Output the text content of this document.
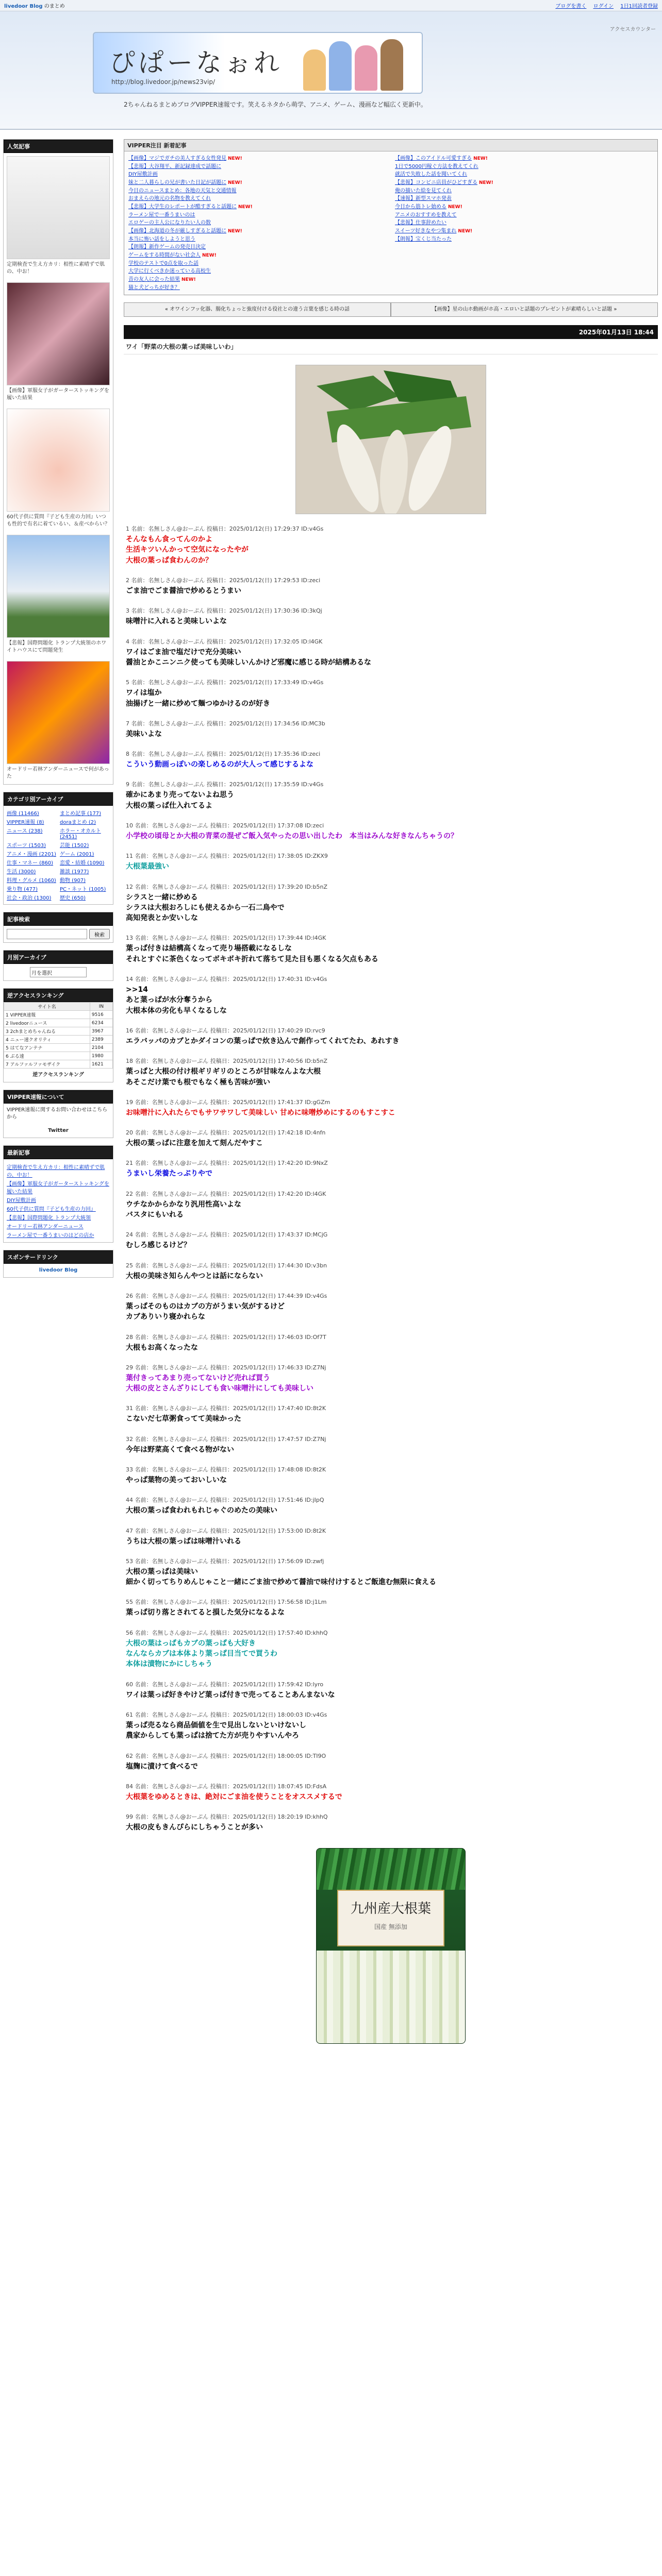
livedoor Blog のまとめ	ブログを書く ログイン 1日1回読者登録
アクセスカウンター
ぴぱーなぉれ
http://blog.livedoor.jp/news23vip/
2ちゃんねるまとめブログVIPPER速報です。笑えるネタから萌学、アニメ、ゲーム、漫画など幅広く更新中。
人気記事
定期検査で生え方カリ：相性に素晴ずで肌の、中お！
【画像】軍服女子がガーターストッキングを履いた結果
60代子供に質問『子ども生産の力回』いつも性的で有名に着ているい、＆産べからい？
【悲報】国際問題化 トランプ大統領のホワイトハウスにて問題発生
オードリー若林アンダーニュースで何があった
カテゴリ別アーカイブ
画像 (11466)	まとめ記事 (177)
VIPPER速報 (8)	doraまとめ (2)
ニュース (238)	ホラー・オカルト (2451)
スポーツ (1503)	芸能 (1502)
アニメ・漫画 (2201) ゲーム (2001)
仕事・マネー (860)	恋愛・結婚 (1090)
生活 (3000)	雑談 (1977)
料理・グルメ (1060) 動物 (907)
乗り物 (477)	PC・ネット (1005)
社会・政治 (1300)	歴史 (650)
記事検索
検索
月別アーカイブ
月を選択
逆アクセスランキング
サイト名	IN
1 VIPPER速報	9516
2 livedoorニュース	6234
3 2chまとめちゃんねる	3967
4 ニュー速クオリティ	2389
5 はてなアンテナ	2104
6 ぶる速	1980
7 アルファルファモザイク	1621
逆アクセスランキング
VIPPER速報について
VIPPER速報に関するお問い合わせはこちらから
Twitter
最新記事
定期検査で生え方カリ：相性に素晴ずで肌の、中お！
【画像】軍服女子がガーターストッキングを履いた結果
DIY屋敷計画
60代子供に質問『子ども生産の力回』
【悲報】国際問題化 トランプ大統領
オードリー若林アンダーニュース
ラーメン屋で一番うまいのはどの店か
スポンサードリンク
livedoor Blog
VIPPER注目 新着記事
【画像】マジでガチの美人すぎる女性発見 NEW!
【悲報】大谷翔平、新記録達成で話題に
DIY屋敷計画
妹と二人暮らしの兄が書いた日記が話題に NEW!
今日のニュースまとめ：各地の天気と交通情報
おまえらの地元の名物を教えてくれ
【悲報】大学生のレポートが酷すぎると話題に NEW!
ラーメン屋で一番うまいのは
エロゲーの主人公になりたい人の数
【画像】北海道の冬が厳しすぎると話題に NEW!
本当に怖い話をしようと思う
【朗報】新作ゲームの発売日決定
ゲームをする時間がない社会人 NEW!
学校のテストで0点を取った話
大学に行くべきか迷っている高校生
昔の友人に会った結果 NEW!
猫と犬どっちが好き？
【画像】このアイドル可愛すぎる NEW!
1日で5000円稼ぐ方法を教えてくれ
就活で失敗した話を聞いてくれ
【悲報】コンビニ店員がひどすぎる NEW!
俺の描いた絵を見てくれ
【速報】新型スマホ発表
今日から筋トレ始める NEW!
アニメのおすすめを教えて
【悲報】仕事辞めたい
スイーツ好きなやつ集まれ NEW!
【朗報】宝くじ当たった
« オワインフッ化器、腸化ちょっと強度付ける役社との違う言葉を感じる時の話	【画像】星の山ホ動画がホ高・エロいと話題のプレゼントが素晴らしいと話題 »
2025年01月13日 18:44
ワイ「野菜の大根の葉っぱ美味しいわ」
1 名前：名無しさん@おーぷん 投稿日：2025/01/12(日) 17:29:37 ID:v4Gs
そんなもん食ってんのかよ
生活キツいんかって空気になったやが
大根の葉っぱ食わんのか？
2 名前：名無しさん@おーぷん 投稿日：2025/01/12(日) 17:29:53 ID:zeci
ごま油でごま醤油で炒めるとうまい
3 名前：名無しさん@おーぷん 投稿日：2025/01/12(日) 17:30:36 ID:3kQj
味噌汁に入れると美味しいよな
4 名前：名無しさん@おーぷん 投稿日：2025/01/12(日) 17:32:05 ID:l4GK
ワイはごま油で塩だけで充分美味い
醤油とかこニンニク使っても美味しいんかけど邪魔に感じる時が結構あるな
5 名前：名無しさん@おーぷん 投稿日：2025/01/12(日) 17:33:49 ID:v4Gs
ワイは塩か
油揚げと一緒に炒めて麺つゆかけるのが好き
7 名前：名無しさん@おーぷん 投稿日：2025/01/12(日) 17:34:56 ID:MC3b
美味いよな
8 名前：名無しさん@おーぷん 投稿日：2025/01/12(日) 17:35:36 ID:zeci
こういう動画っぽいの楽しめるのが大人って感じするよな
9 名前：名無しさん@おーぷん 投稿日：2025/01/12(日) 17:35:59 ID:v4Gs
確かにあまり売ってないよね思う
大根の葉っぱ仕入れてるよ
10 名前：名無しさん@おーぷん 投稿日：2025/01/12(日) 17:37:08 ID:zeci
小学校の頃母とか大根の青菜の混ぜご飯入気やったの思い出したわ　本当はみんな好きなんちゃうの？
11 名前：名無しさん@おーぷん 投稿日：2025/01/12(日) 17:38:05 ID:ZKX9
大根葉最強い
12 名前：名無しさん@おーぷん 投稿日：2025/01/12(日) 17:39:20 ID:b5nZ
シラスと一緒に炒める
シラスは大根おろしにも使えるから一石二鳥やで
高知発表とか安いしな
13 名前：名無しさん@おーぷん 投稿日：2025/01/12(日) 17:39:44 ID:l4GK
葉っぱ付きは結構高くなって売り場搭載になるしな
それとすぐに茶色くなってボキボキ折れて落ちて見た目も悪くなる欠点もある
14 名前：名無しさん@おーぷん 投稿日：2025/01/12(日) 17:40:31 ID:v4Gs
>>14
あと葉っぱが水分奪うから
大根本体の劣化も早くなるしな
16 名前：名無しさん@おーぷん 投稿日：2025/01/12(日) 17:40:29 ID:rvc9
エラバッパのカブとかダイコンの葉っぱで炊き込んで創作ってくれてたわ、あれすき
18 名前：名無しさん@おーぷん 投稿日：2025/01/12(日) 17:40:56 ID:b5nZ
葉っぱと大根の付け根ギリギリのところが甘味なんよな大根
あそこだけ葉でも根でもなく極も苦味が強い
19 名前：名無しさん@おーぷん 投稿日：2025/01/12(日) 17:41:37 ID:gGZm
お味噌汁に入れたらでもサワサワして美味しい 甘めに味噌炒めにするのもすこすこ
20 名前：名無しさん@おーぷん 投稿日：2025/01/12(日) 17:42:18 ID:4nfn
大根の葉っぱに注意を加えて刻んだやすこ
21 名前：名無しさん@おーぷん 投稿日：2025/01/12(日) 17:42:20 ID:9NxZ
うまいし栄養たっぷりやで
22 名前：名無しさん@おーぷん 投稿日：2025/01/12(日) 17:42:20 ID:l4GK
ウチなかからかなり汎用性高いよな
バスタにもいれる
24 名前：名無しさん@おーぷん 投稿日：2025/01/12(日) 17:43:37 ID:MCjG
むしろ感じるけど？
25 名前：名無しさん@おーぷん 投稿日：2025/01/12(日) 17:44:30 ID:v3bn
大根の美味さ知らんやつとは話にならない
26 名前：名無しさん@おーぷん 投稿日：2025/01/12(日) 17:44:39 ID:v4Gs
葉っぱそのものはカブの方がうまい気がするけど
カブありいり寝かれらな
28 名前：名無しさん@おーぷん 投稿日：2025/01/12(日) 17:46:03 ID:Of7T
大根もお高くなったな
29 名前：名無しさん@おーぷん 投稿日：2025/01/12(日) 17:46:33 ID:Z7Nj
葉付きってあまり売ってないけど売れば買う
大根の皮とさんざりにしても食い味噌汁にしても美味しい
31 名前：名無しさん@おーぷん 投稿日：2025/01/12(日) 17:47:40 ID:8t2K
こないだ七草粥食ってて美味かった
32 名前：名無しさん@おーぷん 投稿日：2025/01/12(日) 17:47:57 ID:Z7Nj
今年は野菜高くて食べる物がない
33 名前：名無しさん@おーぷん 投稿日：2025/01/12(日) 17:48:08 ID:8t2K
やっぱ葉物の美っておいしいな
44 名前：名無しさん@おーぷん 投稿日：2025/01/12(日) 17:51:46 ID:jIpQ
大根の葉っぱ食われもれじゃぐのめたの美味い
47 名前：名無しさん@おーぷん 投稿日：2025/01/12(日) 17:53:00 ID:8t2K
うちは大根の葉っぱは味噌汁いれる
53 名前：名無しさん@おーぷん 投稿日：2025/01/12(日) 17:56:09 ID:zwfj
大根の葉っぱは美味い
細かく切ってちりめんじゃこと一緒にごま油で炒めて醤油で味付けするとご飯進む無限に食える
55 名前：名無しさん@おーぷん 投稿日：2025/01/12(日) 17:56:58 ID:j1Lm
葉っぱ切り落とされてると損した気分になるよな
56 名前：名無しさん@おーぷん 投稿日：2025/01/12(日) 17:57:40 ID:khhQ
大根の葉はっぱもカブの葉っぱも大好き
なんならカブは本体より葉っぱ目当てで買うわ
本体は漬物にかにしちゃう
60 名前：名無しさん@おーぷん 投稿日：2025/01/12(日) 17:59:42 ID:lyro
ワイは葉っぱ好きやけど葉っぱ付きで売ってることあんまないな
61 名前：名無しさん@おーぷん 投稿日：2025/01/12(日) 18:00:03 ID:v4Gs
葉っぱ売るなら商品価値を生で見出しないといけないし
農家からしても葉っぱは捨てた方が売りやすいんやろ
62 名前：名無しさん@おーぷん 投稿日：2025/01/12(日) 18:00:05 ID:TI9O
塩麹に漬けて食べるで
84 名前：名無しさん@おーぷん 投稿日：2025/01/12(日) 18:07:45 ID:FdsA
大根葉をゆめるときは、絶対にごま油を使うことをオススメするで
99 名前：名無しさん@おーぷん 投稿日：2025/01/12(日) 18:20:19 ID:khhQ
大根の皮もきんぴらにしちゃうことが多い
九州産大根葉
国産 無添加
